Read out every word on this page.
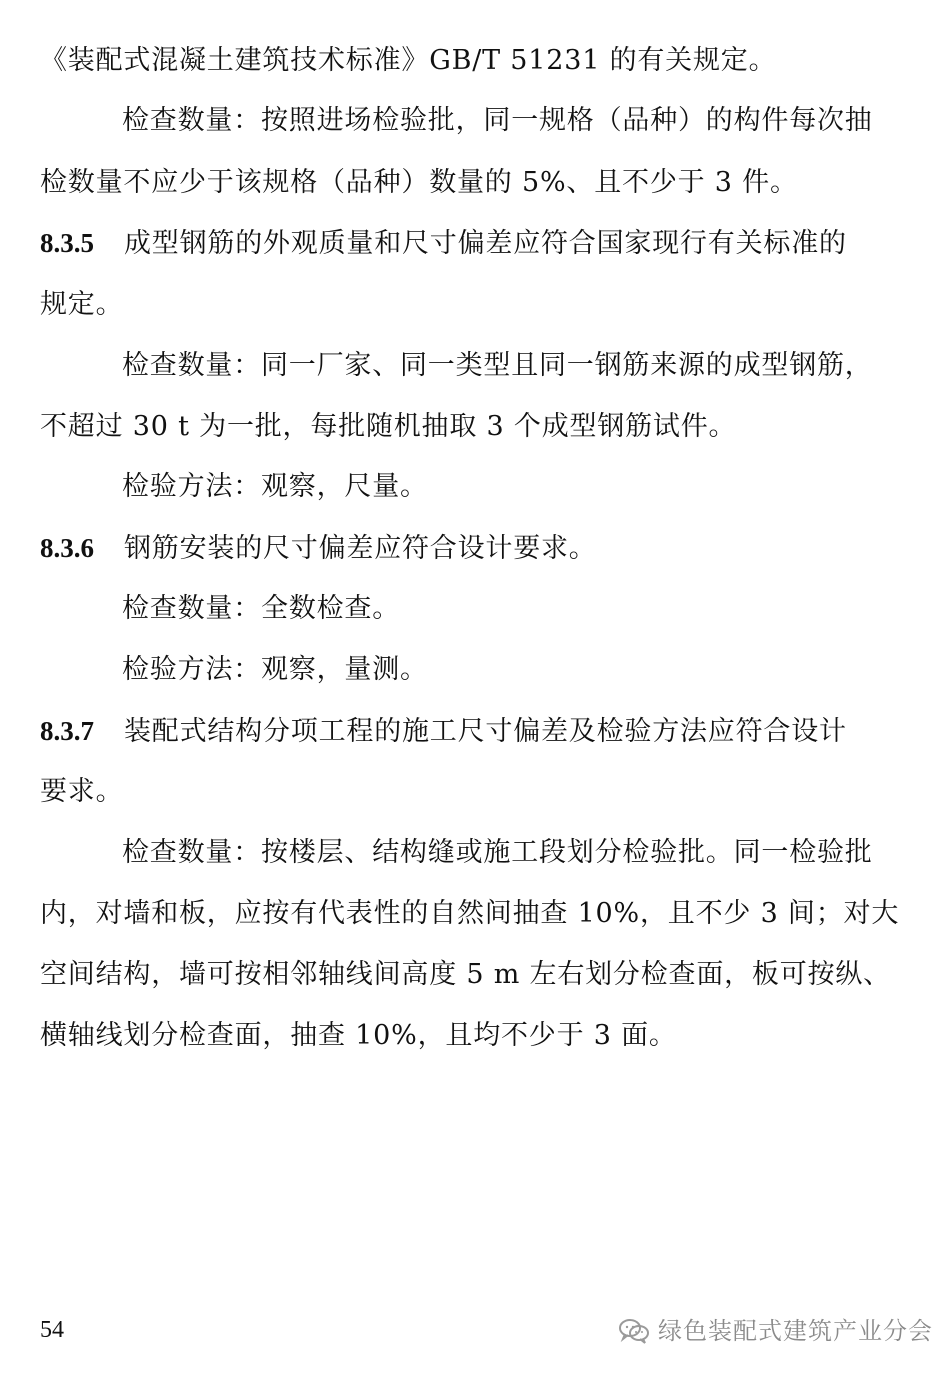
《装配式混凝土建筑技术标准》GB/T 51231 的有关规定。
检查数量：按照进场检验批，同一规格（品种）的构件每次抽
检数量不应少于该规格（品种）数量的 5%、且不少于 3 件。
8.3.5 成型钢筋的外观质量和尺寸偏差应符合国家现行有关标准的
规定。
检查数量：同一厂家、同一类型且同一钢筋来源的成型钢筋，
不超过 30 t 为一批，每批随机抽取 3 个成型钢筋试件。
检验方法：观察，尺量。
8.3.6 钢筋安装的尺寸偏差应符合设计要求。
检查数量：全数检查。
检验方法：观察，量测。
8.3.7 装配式结构分项工程的施工尺寸偏差及检验方法应符合设计
要求。
检查数量：按楼层、结构缝或施工段划分检验批。同一检验批
内，对墙和板，应按有代表性的自然间抽查 10%，且不少 3 间；对大
空间结构，墙可按相邻轴线间高度 5 m 左右划分检查面，板可按纵、
横轴线划分检查面，抽查 10%，且均不少于 3 面。
54	绿色装配式建筑产业分会
